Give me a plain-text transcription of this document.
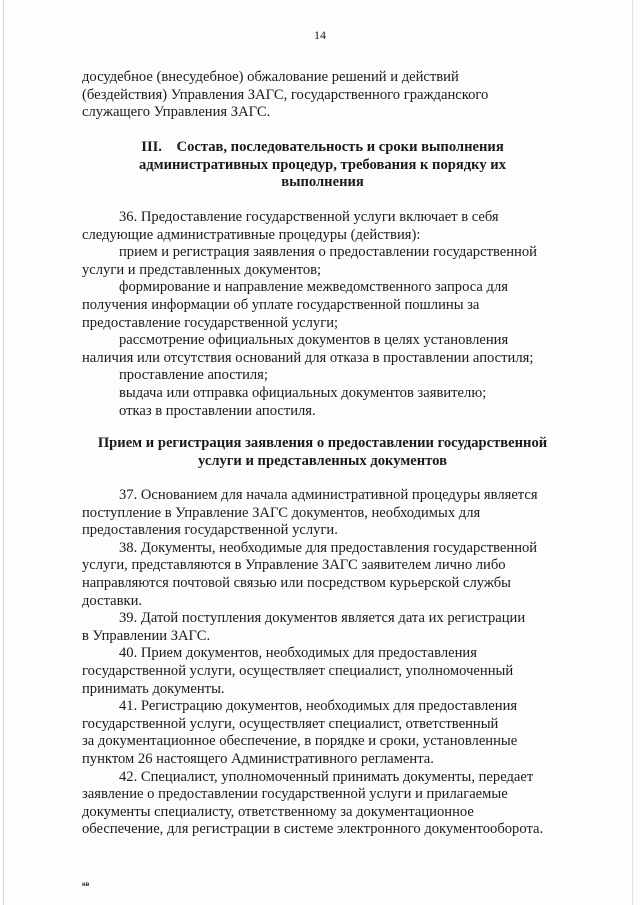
14

досудебное (внесудебное) обжалование решений и действий

(бездействия) Управления ЗАГС, государственного гражданского

служащего Управления ЗАГС.

III. Состав, последовательность и сроки выполнения
административных процедур, требования к порядку их
выполнения

36. Предоставление государственной услуги включает в себя

следующие административные процедуры (действия):

прием и регистрация заявления о предоставлении государственной

услуги и представленных документов;

формирование и направление межведомственного запроса для

получения информации об уплате государственной пошлины за

предоставление государственной услуги;

рассмотрение официальных документов в целях установления

наличия или отсутствия оснований для отказа в проставлении апостиля;

проставление апостиля;

выдача или отправка официальных документов заявителю;

отказ в проставлении апостиля.

Прием и регистрация заявления о предоставлении государственной
услуги и представленных документов

37. Основанием для начала административной процедуры является

поступление в Управление ЗАГС документов, необходимых для

предоставления государственной услуги.

38. Документы, необходимые для предоставления государственной

услуги, представляются в Управление ЗАГС заявителем лично либо

направляются почтовой связью или посредством курьерской службы

доставки.

39. Датой поступления документов является дата их регистрации

в Управлении ЗАГС.

40. Прием документов, необходимых для предоставления

государственной услуги, осуществляет специалист, уполномоченный

принимать документы.

41. Регистрацию документов, необходимых для предоставления

государственной услуги, осуществляет специалист, ответственный

за документационное обеспечение, в порядке и сроки, установленные

пунктом 26 настоящего Административного регламента.

42. Специалист, уполномоченный принимать документы, передает

заявление о предоставлении государственной услуги и прилагаемые

документы специалисту, ответственному за документационное

обеспечение, для регистрации в системе электронного документооборота.

нв
